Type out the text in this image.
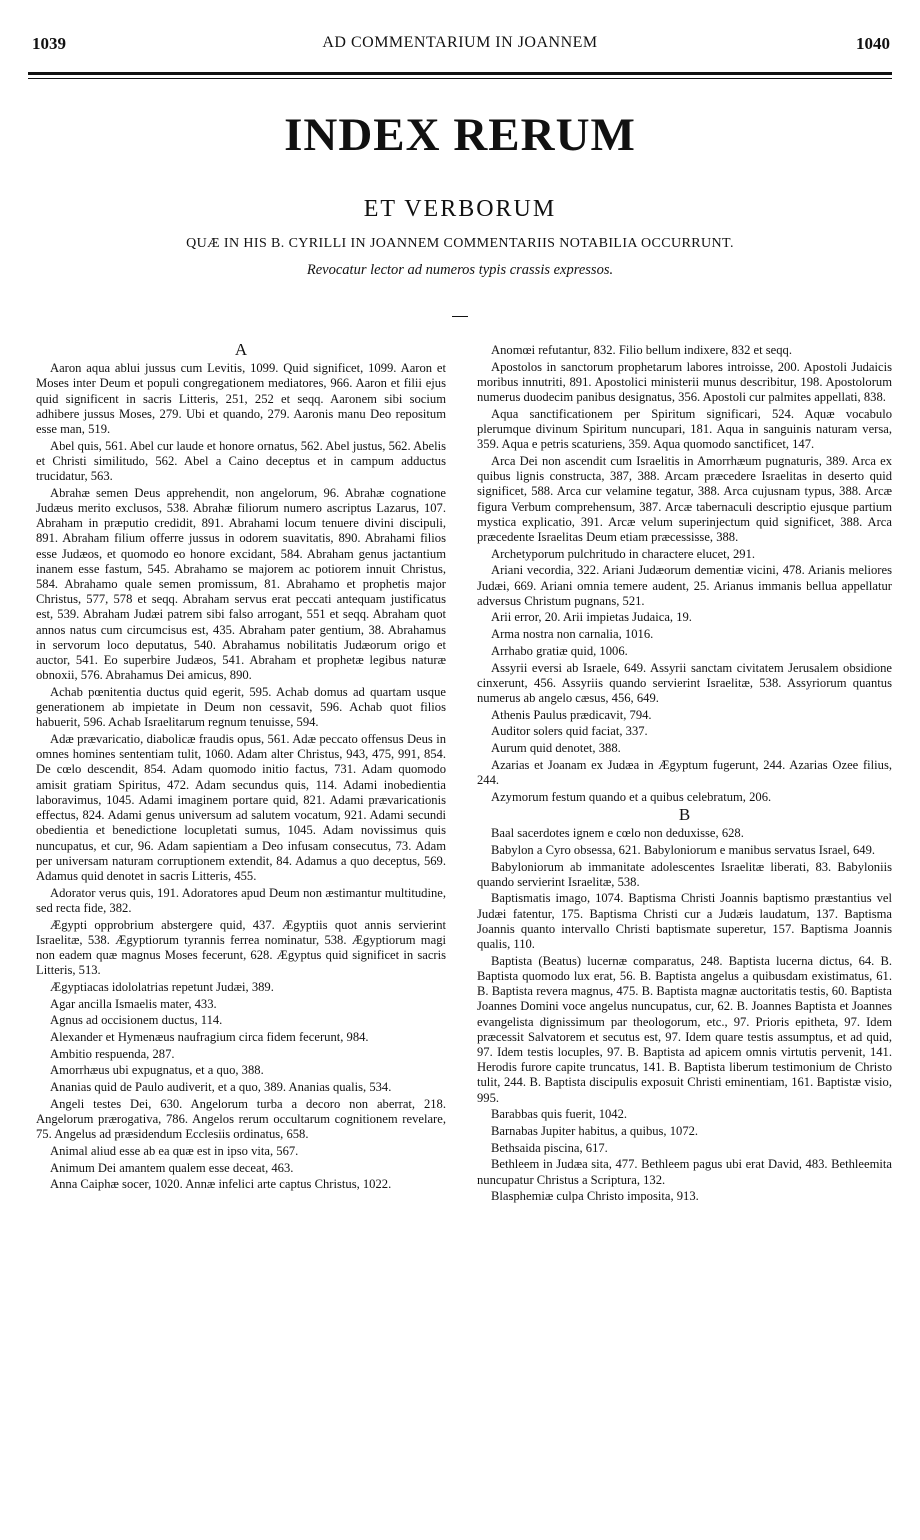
1039	AD COMMENTARIUM IN JOANNEM	1040
INDEX RERUM
ET VERBORUM
QUÆ IN HIS B. CYRILLI IN JOANNEM COMMENTARIIS NOTABILIA OCCURRUNT.
Revocatur lector ad numeros typis crassis expressos.
A

Aaron aqua ablui jussus cum Levitis, 1099. Quid significet, 1099. Aaron et Moses inter Deum et populi congregationem mediatores, 966. Aaron et filii ejus quid significent in sacris Litteris, 251, 252 et seqq. Aaronem sibi socium adhibere jussus Moses, 279. Ubi et quando, 279. Aaronis manu Deo repositum esse man, 519.

Abel quis, 561. Abel cur laude et honore ornatus, 562. Abel justus, 562. Abelis et Christi similitudo, 562. Abel a Caino deceptus et in campum adductus trucidatur, 563.

Abrahæ semen Deus apprehendit, non angelorum, 96. Abrahæ cognatione Judæus merito exclusos, 538. Abrahæ filiorum numero ascriptus Lazarus, 107. Abraham in præputio credidit, 891. Abrahami locum tenuere divini discipuli, 891. Abraham filium offerre jussus in odorem suavitatis, 890. Abrahami filios esse Judæos, et quomodo eo honore excidant, 584. Abraham genus jactantium inanem esse fastum, 545. Abrahamo se majorem ac potiorem innuit Christus, 584. Abrahamo quale semen promissum, 81. Abrahamo et prophetis major Christus, 577, 578 et seqq. Abraham servus erat peccati antequam justificatus est, 539. Abraham Judæi patrem sibi falso arrogant, 551 et seqq. Abraham quot annos natus cum circumcisus est, 435. Abraham pater gentium, 38. Abrahamus in servorum loco deputatus, 540. Abrahamus nobilitatis Judæorum origo et auctor, 541. Eo superbire Judæos, 541. Abraham et prophetæ legibus naturæ obnoxii, 576. Abrahamus Dei amicus, 890.

Achab pœnitentia ductus quid egerit, 595. Achab domus ad quartam usque generationem ab impietate in Deum non cessavit, 596. Achab quot filios habuerit, 596. Achab Israelitarum regnum tenuisse, 594.

Adæ prævaricatio, diabolicæ fraudis opus, 561. Adæ peccato offensus Deus in omnes homines sententiam tulit, 1060. Adam alter Christus, 943, 475, 991, 854. De cœlo descendit, 854. Adam quomodo initio factus, 731. Adam quomodo amisit gratiam Spiritus, 472. Adam secundus quis, 114. Adami inobedientia laboravimus, 1045. Adami imaginem portare quid, 821. Adami prævaricationis effectus, 824. Adami genus universum ad salutem vocatum, 921. Adami secundi obedientia et benedictione locupletati sumus, 1045. Adam novissimus quis nuncupatus, et cur, 96. Adam sapientiam a Deo infusam consecutus, 73. Adam per universam naturam corruptionem extendit, 84. Adamus a quo deceptus, 569. Adamus quid denotet in sacris Litteris, 455.

Adorator verus quis, 191. Adoratores apud Deum non æstimantur multitudine, sed recta fide, 382.

Ægypti opprobrium abstergere quid, 437. Ægyptiis quot annis servierint Israelitæ, 538. Ægyptiorum tyrannis ferrea nominatur, 538. Ægyptiorum magi non eadem quæ magnus Moses fecerunt, 628. Ægyptus quid significet in sacris Litteris, 513.

Ægyptiacas idololatrias repetunt Judæi, 389.

Agar ancilla Ismaelis mater, 433.

Agnus ad occisionem ductus, 114.

Alexander et Hymenæus naufragium circa fidem fecerunt, 984.

Ambitio respuenda, 287.

Amorrhæus ubi expugnatus, et a quo, 388.

Ananias quid de Paulo audiverit, et a quo, 389. Ananias qualis, 534.

Angeli testes Dei, 630. Angelorum turba a decoro non aberrat, 218. Angelorum prærogativa, 786. Angelos rerum occultarum cognitionem revelare, 75. Angelus ad præsidendum Ecclesiis ordinatus, 658.

Animal aliud esse ab ea quæ est in ipso vita, 567.

Animum Dei amantem qualem esse deceat, 463.

Anna Caiphæ socer, 1020. Annæ infelici arte captus Christus, 1022.

Anomœi refutantur, 832. Filio bellum indixere, 832 et seqq.

Apostolos in sanctorum prophetarum labores introisse, 200. Apostoli Judaicis moribus innutriti, 891. Apostolici ministerii munus describitur, 198. Apostolorum numerus duodecim panibus designatus, 356. Apostoli cur palmites appellati, 838.

Aqua sanctificationem per Spiritum significari, 524. Aquæ vocabulo plerumque divinum Spiritum nuncupari, 181. Aqua in sanguinis naturam versa, 359. Aqua e petris scaturiens, 359. Aqua quomodo sanctificet, 147.

Arca Dei non ascendit cum Israelitis in Amorrhæum pugnaturis, 389. Arca ex quibus lignis constructa, 387, 388. Arcam præcedere Israelitas in deserto quid significet, 588. Arca cur velamine tegatur, 388. Arca cujusnam typus, 388. Arcæ figura Verbum comprehensum, 387. Arcæ tabernaculi descriptio ejusque partium mystica explicatio, 391. Arcæ velum superinjectum quid significet, 388. Arca præcedente Israelitas Deum etiam præcessisse, 388.

Archetyporum pulchritudo in charactere elucet, 291.

Ariani vecordia, 322. Ariani Judæorum dementiæ vicini, 478. Arianis meliores Judæi, 669. Ariani omnia temere audent, 25. Arianus immanis bellua appellatur adversus Christum pugnans, 521.

Arii error, 20. Arii impietas Judaica, 19.

Arma nostra non carnalia, 1016.

Arrhabo gratiæ quid, 1006.

Assyrii eversi ab Israele, 649. Assyrii sanctam civitatem Jerusalem obsidione cinxerunt, 456. Assyriis quando servierint Israelitæ, 538. Assyriorum quantus numerus ab angelo cæsus, 456, 649.

Athenis Paulus prædicavit, 794.

Auditor solers quid faciat, 337.

Aurum quid denotet, 388.

Azarias et Joanam ex Judæa in Ægyptum fugerunt, 244. Azarias Ozee filius, 244.

Azymorum festum quando et a quibus celebratum, 206.

B

Baal sacerdotes ignem e cœlo non deduxisse, 628.

Babylon a Cyro obsessa, 621. Babyloniorum e manibus servatus Israel, 649.

Babyloniorum ab immanitate adolescentes Israelitæ liberati, 83. Babyloniis quando servierint Israelitæ, 538.

Baptismatis imago, 1074. Baptisma Christi Joannis baptismo præstantius vel Judæi fatentur, 175. Baptisma Christi cur a Judæis laudatum, 137. Baptisma Joannis quanto intervallo Christi baptismate superetur, 157. Baptisma Joannis qualis, 110.

Baptista (Beatus) lucernæ comparatus, 248. Baptista lucerna dictus, 64. B. Baptista quomodo lux erat, 56. B. Baptista angelus a quibusdam existimatus, 61. B. Baptista revera magnus, 475. B. Baptista magnæ auctoritatis testis, 60. Baptista Joannes Domini voce angelus nuncupatus, cur, 62. B. Joannes Baptista et Joannes evangelista dignissimum par theologorum, etc., 97. Prioris epitheta, 97. Idem præcessit Salvatorem et secutus est, 97. Idem quare testis assumptus, et ad quid, 97. Idem testis locuples, 97. B. Baptista ad apicem omnis virtutis pervenit, 141. Herodis furore capite truncatus, 141. B. Baptista liberum testimonium de Christo tulit, 244. B. Baptista discipulis exposuit Christi eminentiam, 161. Baptistæ visio, 995.

Barabbas quis fuerit, 1042.

Barnabas Jupiter habitus, a quibus, 1072.

Bethsaida piscina, 617.

Bethleem in Judæa sita, 477. Bethleem pagus ubi erat David, 483. Bethleemita nuncupatur Christus a Scriptura, 132.

Blasphemiæ culpa Christo imposita, 913.
